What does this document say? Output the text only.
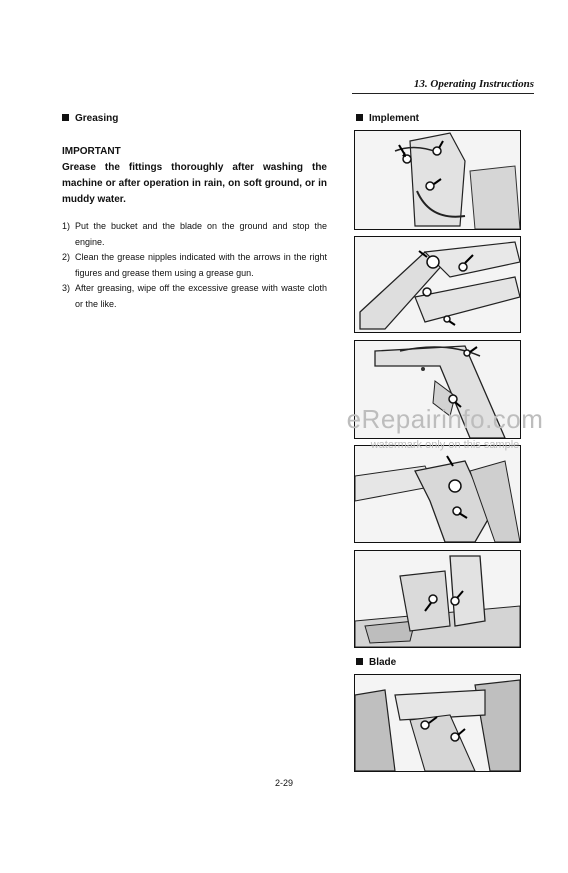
13. Operating Instructions
Greasing
IMPORTANT
Grease the fittings thoroughly after washing the machine or after operation in rain, on soft ground, or in muddy water.
1) Put the bucket and the blade on the ground and stop the engine.
2) Clean the grease nipples indicated with the arrows in the right figures and grease them using a grease gun.
3) After greasing, wipe off the excessive grease with waste cloth or the like.
Implement
Blade
2-29
eRepairinfo.com
watermark only on this sample
